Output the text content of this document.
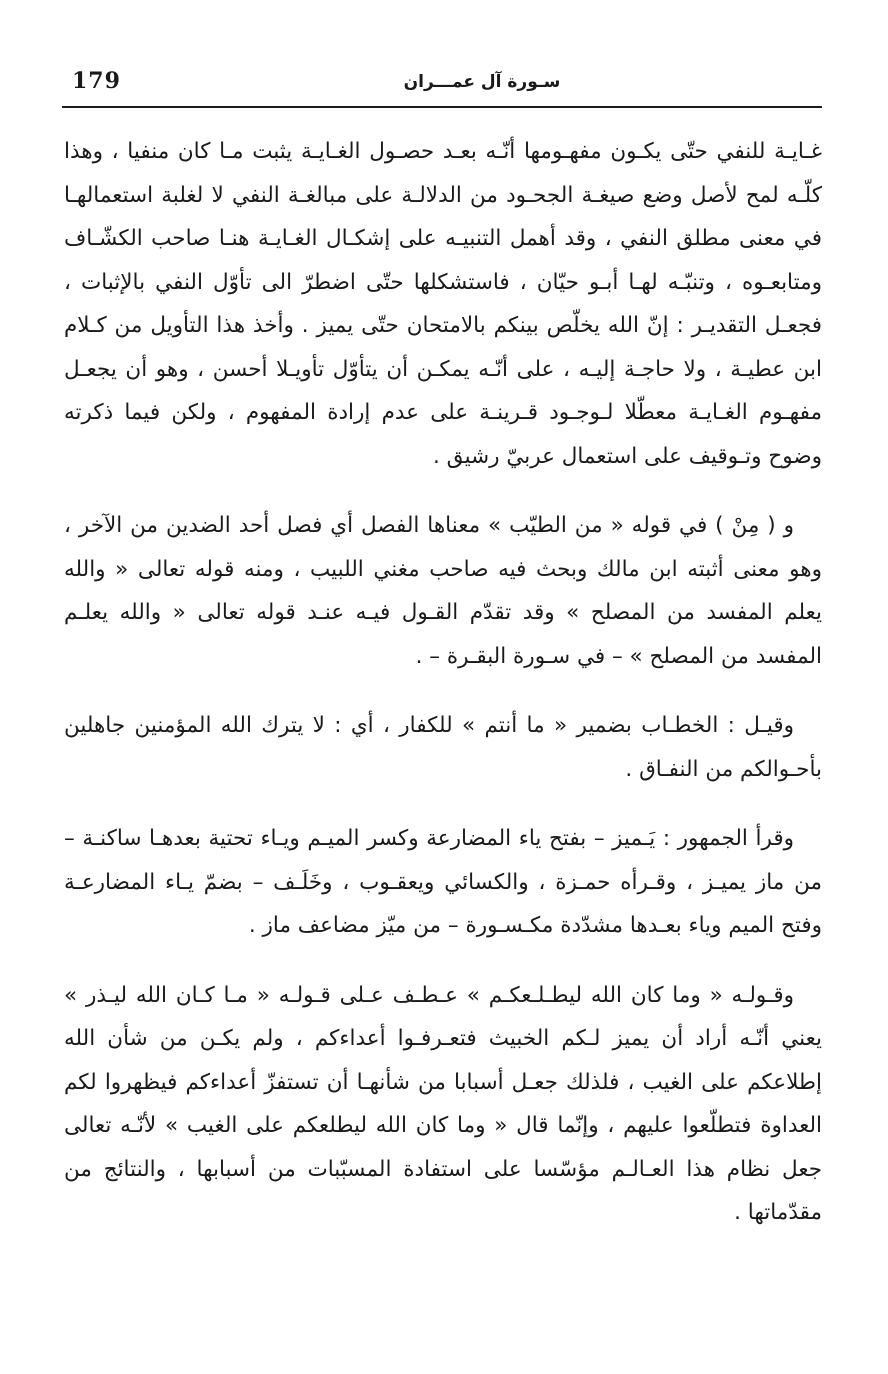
179	سـورة آل عمـــران

غـايـة للنفي حتّى يكـون مفهـومها أنّـه بعـد حصـول الغـايـة يثبت مـا كان منفيا ، وهذا كلّـه لمح لأصل وضع صيغـة الجحـود من الدلالـة على مبالغـة النفي لا لغلبة استعمالهـا في معنى مطلق النفي ، وقد أهمل التنبيـه على إشكـال الغـايـة هنـا صاحب الكشّـاف ومتابعـوه ، وتنبّـه لهـا أبـو حيّان ، فاستشكلها حتّى اضطرّ الى تأوّل النفي بالإثبات ، فجعـل التقديـر : إنّ الله يخلّص بينكم بالامتحان حتّى يميز . وأخذ هذا التأويل من كـلام ابن عطيـة ، ولا حاجـة إليـه ، على أنّـه يمكـن أن يتأوّل تأويـلا أحسن ، وهو أن يجعـل مفهـوم الغـايـة معطّلا لـوجـود قـرينـة على عدم إرادة المفهوم ، ولكن فيما ذكرته وضوح وتـوقيف على استعمال عربيّ رشيق .

و ( مِنْ ) في قوله « من الطيّب » معناها الفصل أي فصل أحد الضدين من الآخر ، وهو معنى أثبته ابن مالك وبحث فيه صاحب مغني اللبيب ، ومنه قوله تعالى « والله يعلم المفسد من المصلح » وقد تقدّم القـول فيـه عنـد قوله تعالى « والله يعلـم المفسد من المصلح » – في سـورة البقـرة – .

وقيـل : الخطـاب بضمير « ما أنتم » للكفار ، أي : لا يترك الله المؤمنين جاهلين بأحـوالكم من النفـاق .

وقرأ الجمهور : يَـميز – بفتح ياء المضارعة وكسر الميـم ويـاء تحتية بعدهـا ساكنـة – من ماز يميـز ، وقـرأه حمـزة ، والكسائي ويعقـوب ، وخَلَـف – بضمّ يـاء المضارعـة وفتح الميم وياء بعـدها مشدّدة مكـسـورة – من ميّز مضاعف ماز .

وقـولـه « وما كان الله ليطـلـعكـم » عـطـف عـلى قـولـه « مـا كـان الله ليـذر » يعني أنّـه أراد أن يميز لـكم الخبيث فتعـرفـوا أعداءكم ، ولم يكـن من شأن الله إطلاعكم على الغيب ، فلذلك جعـل أسبابا من شأنهـا أن تستفزّ أعداءكم فيظهروا لكم العداوة فتطلّعوا عليهم ، وإنّما قال « وما كان الله ليطلعكم على الغيب » لأنّـه تعالى جعل نظام هذا العـالـم مؤسّسا على استفادة المسبّبات من أسبابها ، والنتائج من مقدّماتها .
